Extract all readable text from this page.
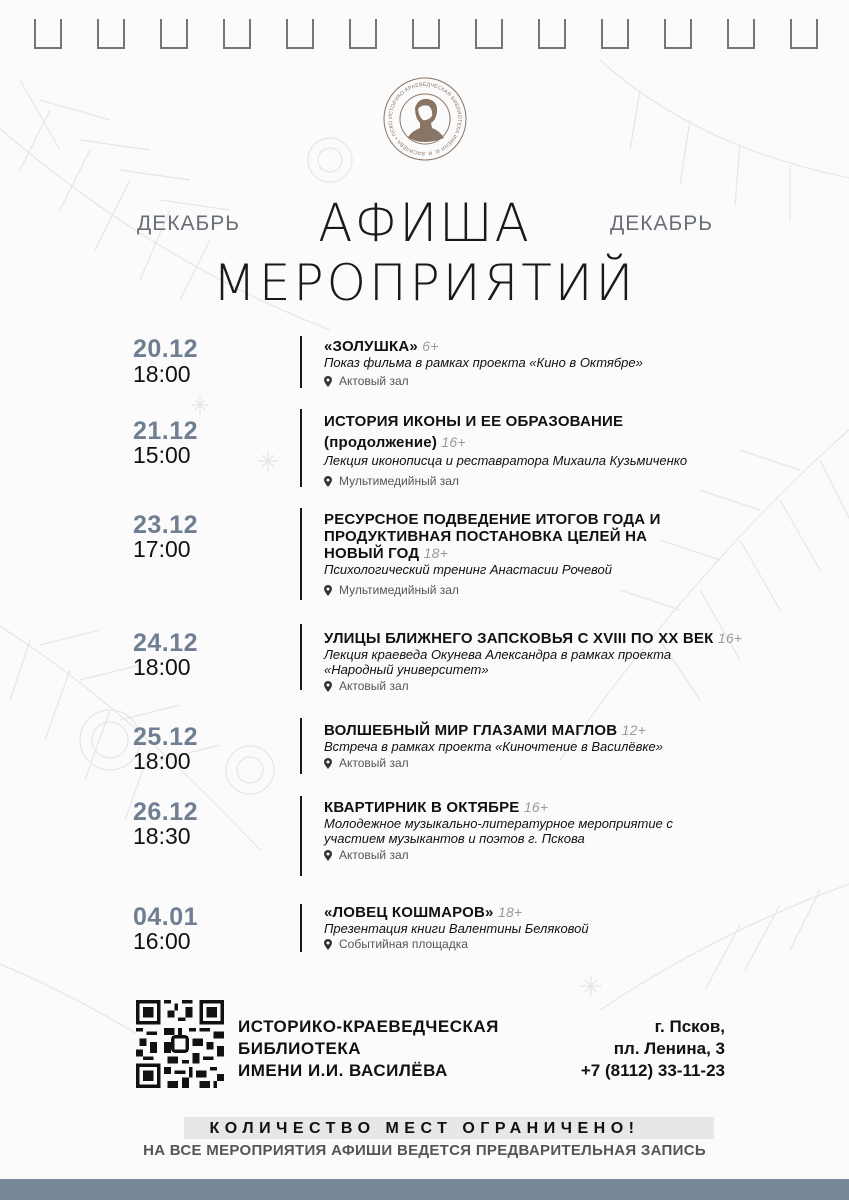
ИСТОРИКО-КРАЕВЕДЧЕСКАЯ БИБЛИОТЕКА ИМЕНИ И. И. ВАСИЛЁВА • ПСКО
ДЕКАБРЬ	ДЕКАБРЬ
АФИША
МЕРОПРИЯТИЙ
20.12
18:00
«ЗОЛУШКА» 6+
Показ фильма в рамках проекта «Кино в Октябре»
Актовый зал
21.12
15:00
ИСТОРИЯ ИКОНЫ И ЕЕ ОБРАЗОВАНИЕ (продолжение) 16+
Лекция иконописца и реставратора Михаила Кузьмиченко
Мультимедийный зал
23.12
17:00
РЕСУРСНОЕ ПОДВЕДЕНИЕ ИТОГОВ ГОДА И ПРОДУКТИВНАЯ ПОСТАНОВКА ЦЕЛЕЙ НА НОВЫЙ ГОД 18+
Психологический тренинг Анастасии Рочевой
Мультимедийный зал
24.12
18:00
УЛИЦЫ БЛИЖНЕГО ЗАПСКОВЬЯ С XVIII ПО XX ВЕК 16+
Лекция краеведа Окунева Александра в рамках проекта «Народный университет»
Актовый зал
25.12
18:00
ВОЛШЕБНЫЙ МИР ГЛАЗАМИ МАГЛОВ 12+
Встреча в рамках проекта «Киночтение в Василёвке»
Актовый зал
26.12
18:30
КВАРТИРНИК В ОКТЯБРЕ 16+
Молодежное музыкально-литературное мероприятие с участием музыкантов и поэтов г. Пскова
Актовый зал
04.01
16:00
«ЛОВЕЦ КОШМАРОВ» 18+
Презентация книги Валентины Беляковой
Событийная площадка
ИСТОРИКО-КРАЕВЕДЧЕСКАЯ
БИБЛИОТЕКА
ИМЕНИ И.И. ВАСИЛЁВА
г. Псков,
пл. Ленина, 3
+7 (8112) 33-11-23
КОЛИЧЕСТВО МЕСТ ОГРАНИЧЕНО!
НА ВСЕ МЕРОПРИЯТИЯ АФИШИ ВЕДЕТСЯ ПРЕДВАРИТЕЛЬНАЯ ЗАПИСЬ
